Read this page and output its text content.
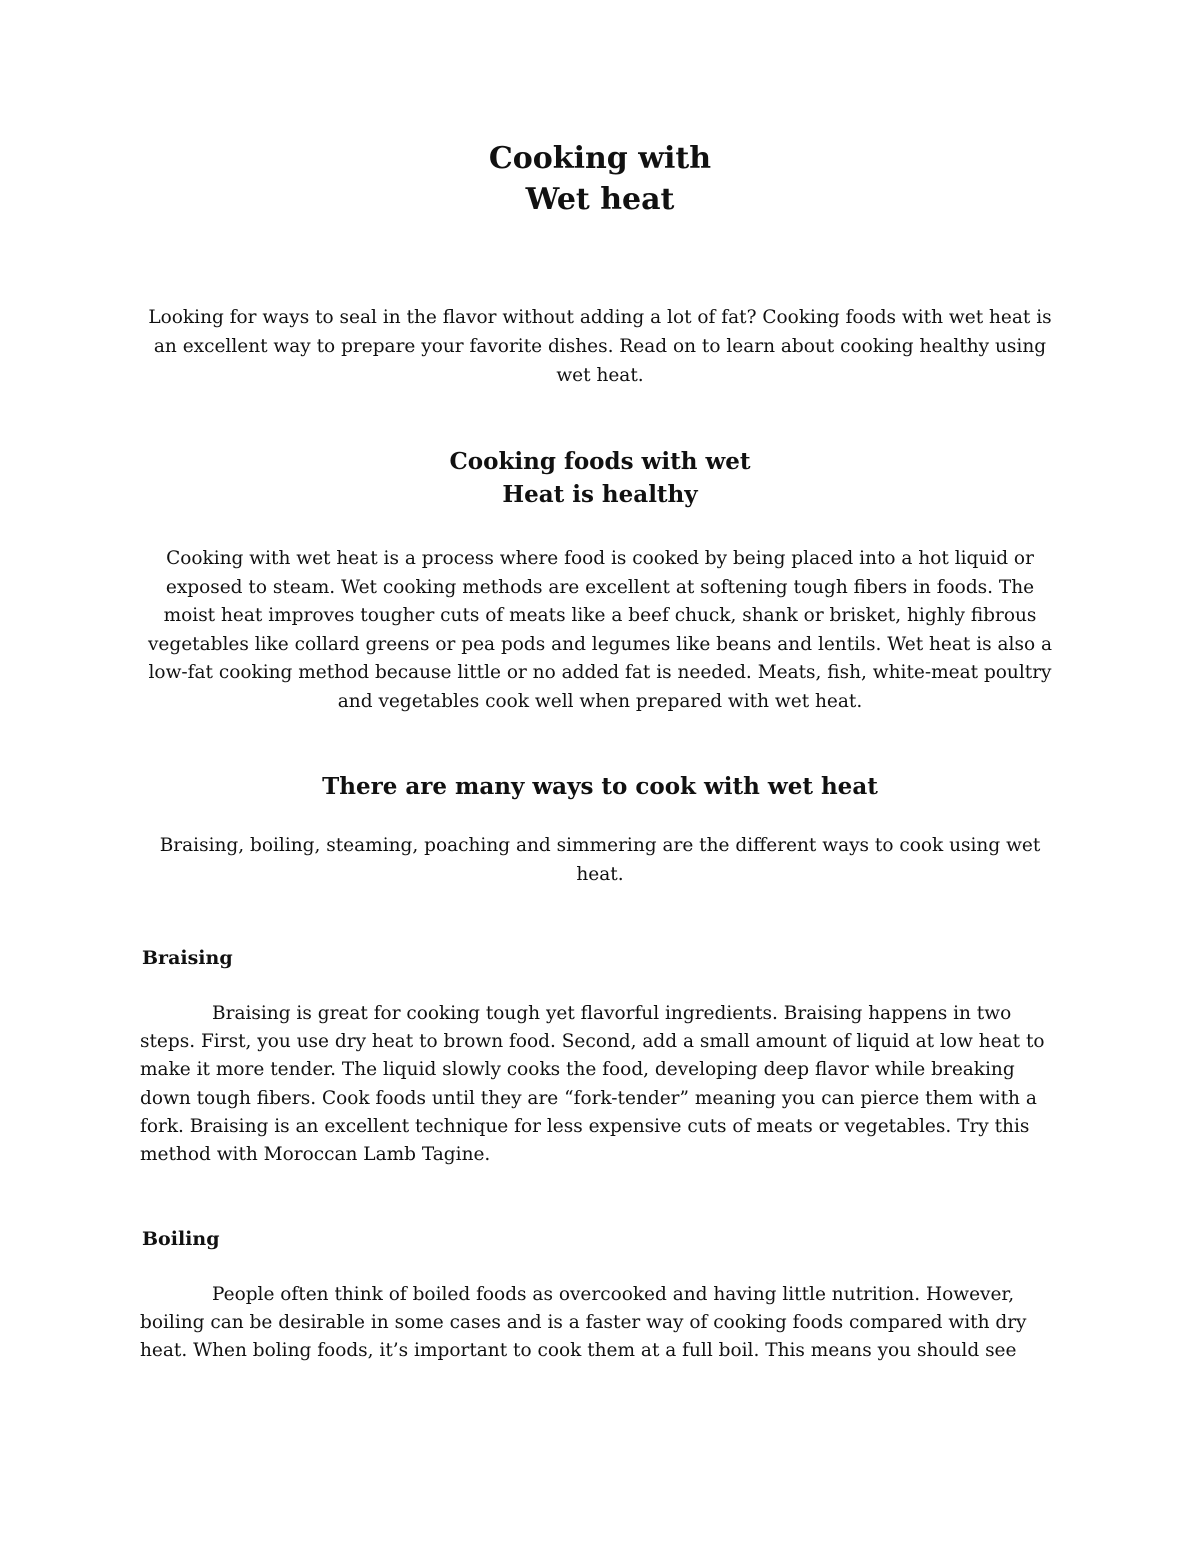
Cooking with
Wet heat

Looking for ways to seal in the flavor without adding a lot of fat? Cooking foods with wet heat is an excellent way to prepare your favorite dishes. Read on to learn about cooking healthy using wet heat.

Cooking foods with wet
Heat is healthy

Cooking with wet heat is a process where food is cooked by being placed into a hot liquid or exposed to steam. Wet cooking methods are excellent at softening tough fibers in foods. The moist heat improves tougher cuts of meats like a beef chuck, shank or brisket, highly fibrous vegetables like collard greens or pea pods and legumes like beans and lentils. Wet heat is also a low-fat cooking method because little or no added fat is needed. Meats, fish, white-meat poultry and vegetables cook well when prepared with wet heat.

There are many ways to cook with wet heat

Braising, boiling, steaming, poaching and simmering are the different ways to cook using wet heat.

Braising

Braising is great for cooking tough yet flavorful ingredients. Braising happens in two steps. First, you use dry heat to brown food. Second, add a small amount of liquid at low heat to make it more tender. The liquid slowly cooks the food, developing deep flavor while breaking down tough fibers. Cook foods until they are “fork-tender” meaning you can pierce them with a fork. Braising is an excellent technique for less expensive cuts of meats or vegetables. Try this method with Moroccan Lamb Tagine.

Boiling

People often think of boiled foods as overcooked and having little nutrition. However, boiling can be desirable in some cases and is a faster way of cooking foods compared with dry heat. When boling foods, it’s important to cook them at a full boil. This means you should see
